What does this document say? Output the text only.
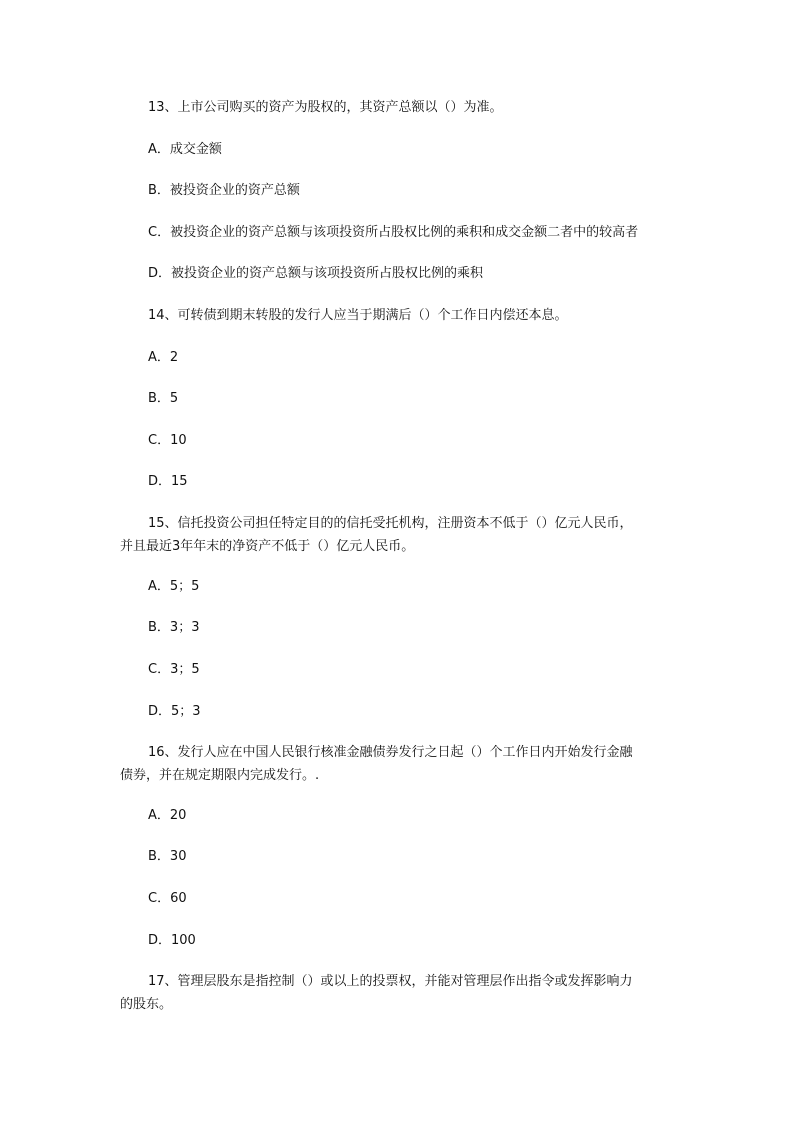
13、上市公司购买的资产为股权的，其资产总额以（）为准。
A．成交金额
B．被投资企业的资产总额
C．被投资企业的资产总额与该项投资所占股权比例的乘积和成交金额二者中的较高者
D．被投资企业的资产总额与该项投资所占股权比例的乘积
14、可转债到期末转股的发行人应当于期满后（）个工作日内偿还本息。
A．2
B．5
C．10
D．15
15、信托投资公司担任特定目的的信托受托机构，注册资本不低于（）亿元人民币，
并且最近3年年末的净资产不低于（）亿元人民币。
A．5；5
B．3；3
C．3；5
D．5；3
16、发行人应在中国人民银行核准金融债券发行之日起（）个工作日内开始发行金融
债券，并在规定期限内完成发行。.
A．20
B．30
C．60
D．100
17、管理层股东是指控制（）或以上的投票权，并能对管理层作出指令或发挥影响力
的股东。
